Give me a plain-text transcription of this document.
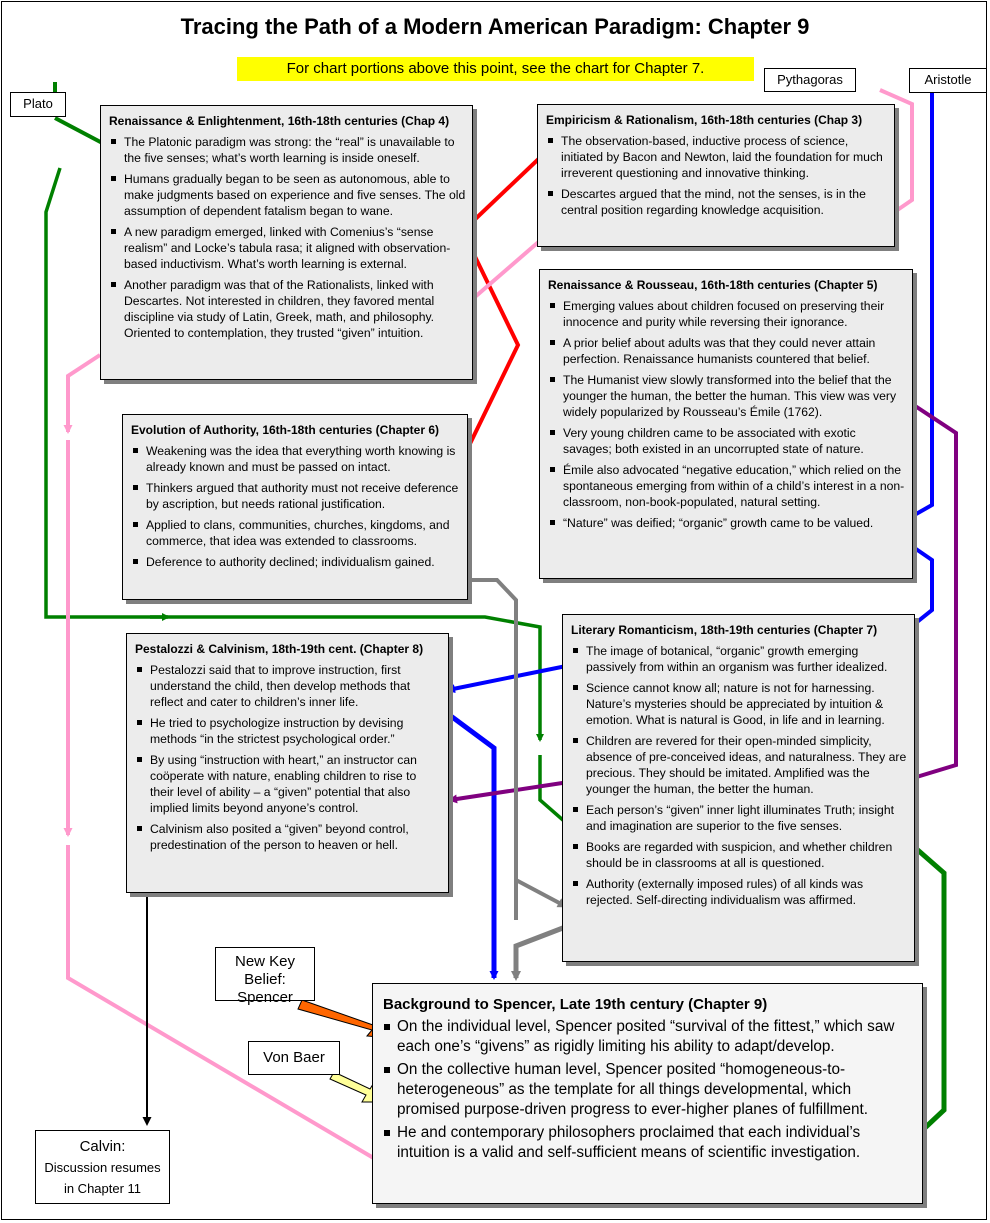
Tracing the Path of a Modern American Paradigm: Chapter 9
For chart portions above this point, see the chart for Chapter 7.
Plato
Pythagoras	Aristotle
New Key Belief:
Spencer
Von Baer
Calvin:
Discussion resumes
in Chapter 11
Renaissance & Enlightenment, 16th-18th centuries (Chap 4)
The Platonic paradigm was strong: the “real” is unavailable to the five senses; what’s worth learning is inside oneself.
Humans gradually began to be seen as autonomous, able to make judgments based on experience and five senses. The old assumption of dependent fatalism began to wane.
A new paradigm emerged, linked with Comenius’s “sense realism” and Locke’s tabula rasa; it aligned with observation-based inductivism. What’s worth learning is external.
Another paradigm was that of the Rationalists, linked with Descartes. Not interested in children, they favored mental discipline via study of Latin, Greek, math, and philosophy. Oriented to contemplation, they trusted “given” intuition.
Empiricism & Rationalism, 16th-18th centuries (Chap 3)
The observation-based, inductive process of science, initiated by Bacon and Newton, laid the foundation for much irreverent questioning and innovative thinking.
Descartes argued that the mind, not the senses, is in the central position regarding knowledge acquisition.
Renaissance & Rousseau, 16th-18th centuries (Chapter 5)
Emerging values about children focused on preserving their innocence and purity while reversing their ignorance.
A prior belief about adults was that they could never attain perfection. Renaissance humanists countered that belief.
The Humanist view slowly transformed into the belief that the younger the human, the better the human. This view was very widely popularized by Rousseau’s Émile (1762).
Very young children came to be associated with exotic savages; both existed in an uncorrupted state of nature.
Émile also advocated “negative education,” which relied on the spontaneous emerging from within of a child’s interest in a non-classroom, non-book-populated, natural setting.
“Nature” was deified; “organic” growth came to be valued.
Evolution of Authority, 16th-18th centuries (Chapter 6)
Weakening was the idea that everything worth knowing is already known and must be passed on intact.
Thinkers argued that authority must not receive deference by ascription, but needs rational justification.
Applied to clans, communities, churches, kingdoms, and commerce, that idea was extended to classrooms.
Deference to authority declined; individualism gained.
Pestalozzi & Calvinism, 18th-19th cent. (Chapter 8)
Pestalozzi said that to improve instruction, first understand the child, then develop methods that reflect and cater to children’s inner life.
He tried to psychologize instruction by devising methods “in the strictest psychological order.”
By using “instruction with heart,” an instructor can coöperate with nature, enabling children to rise to their level of ability – a “given” potential that also implied limits beyond anyone’s control.
Calvinism also posited a “given” beyond control, predestination of the person to heaven or hell.
Literary Romanticism, 18th-19th centuries (Chapter 7)
The image of botanical, “organic” growth emerging passively from within an organism was further idealized.
Science cannot know all; nature is not for harnessing. Nature’s mysteries should be appreciated by intuition & emotion. What is natural is Good, in life and in learning.
Children are revered for their open-minded simplicity, absence of pre-conceived ideas, and naturalness. They are precious. They should be imitated. Amplified was the younger the human, the better the human.
Each person’s “given” inner light illuminates Truth; insight and imagination are superior to the five senses.
Books are regarded with suspicion, and whether children should be in classrooms at all is questioned.
Authority (externally imposed rules) of all kinds was rejected. Self-directing individualism was affirmed.
Background to Spencer, Late 19th century (Chapter 9)
On the individual level, Spencer posited “survival of the fittest,” which saw each one’s “givens” as rigidly limiting his ability to adapt/develop.
On the collective human level, Spencer posited “homogeneous-to-heterogeneous” as the template for all things developmental, which promised purpose-driven progress to ever-higher planes of fulfillment.
He and contemporary philosophers proclaimed that each individual’s intuition is a valid and self-sufficient means of scientific investigation.
